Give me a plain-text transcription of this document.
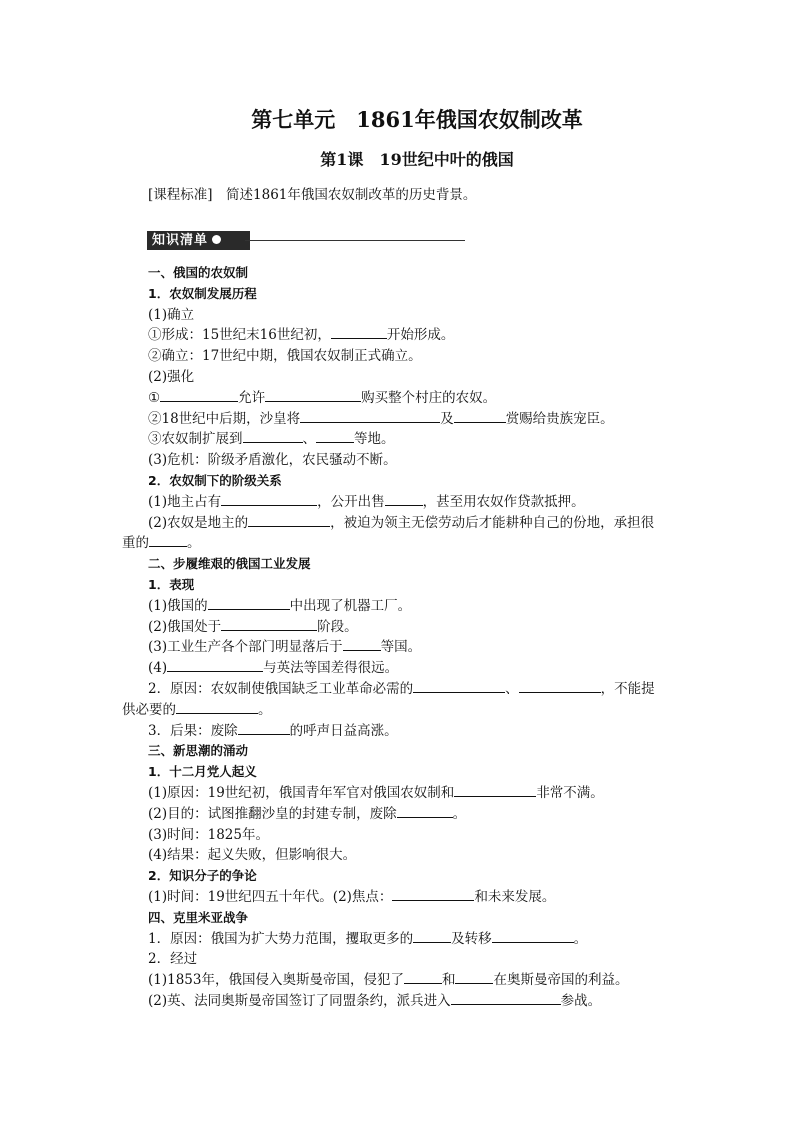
第七单元　1861年俄国农奴制改革
第1课　19世纪中叶的俄国
[课程标准]　简述1861年俄国农奴制改革的历史背景。
知识清单
一、俄国的农奴制
1．农奴制发展历程
(1)确立
①形成：15世纪末16世纪初，	开始形成。
②确立：17世纪中期，俄国农奴制正式确立。
(2)强化
①	允许	购买整个村庄的农奴。
②18世纪中后期，沙皇将	及	赏赐给贵族宠臣。
③农奴制扩展到	、	等地。
(3)危机：阶级矛盾激化，农民骚动不断。
2．农奴制下的阶级关系
(1)地主占有	，公开出售	，甚至用农奴作贷款抵押。
(2)农奴是地主的	，被迫为领主无偿劳动后才能耕种自己的份地，承担很
重的	。
二、步履维艰的俄国工业发展
1．表现
(1)俄国的	中出现了机器工厂。
(2)俄国处于	阶段。
(3)工业生产各个部门明显落后于	等国。
(4)	与英法等国差得很远。
2．原因：农奴制使俄国缺乏工业革命必需的	、	，不能提
供必要的	。
3．后果：废除	的呼声日益高涨。
三、新思潮的涌动
1．十二月党人起义
(1)原因：19世纪初，俄国青年军官对俄国农奴制和	非常不满。
(2)目的：试图推翻沙皇的封建专制，废除	。
(3)时间：1825年。
(4)结果：起义失败，但影响很大。
2．知识分子的争论
(1)时间：19世纪四五十年代。(2)焦点：	和未来发展。
四、克里米亚战争
1．原因：俄国为扩大势力范围，攫取更多的	及转移	。
2．经过
(1)1853年，俄国侵入奥斯曼帝国，侵犯了	和	在奥斯曼帝国的利益。
(2)英、法同奥斯曼帝国签订了同盟条约，派兵进入	参战。
